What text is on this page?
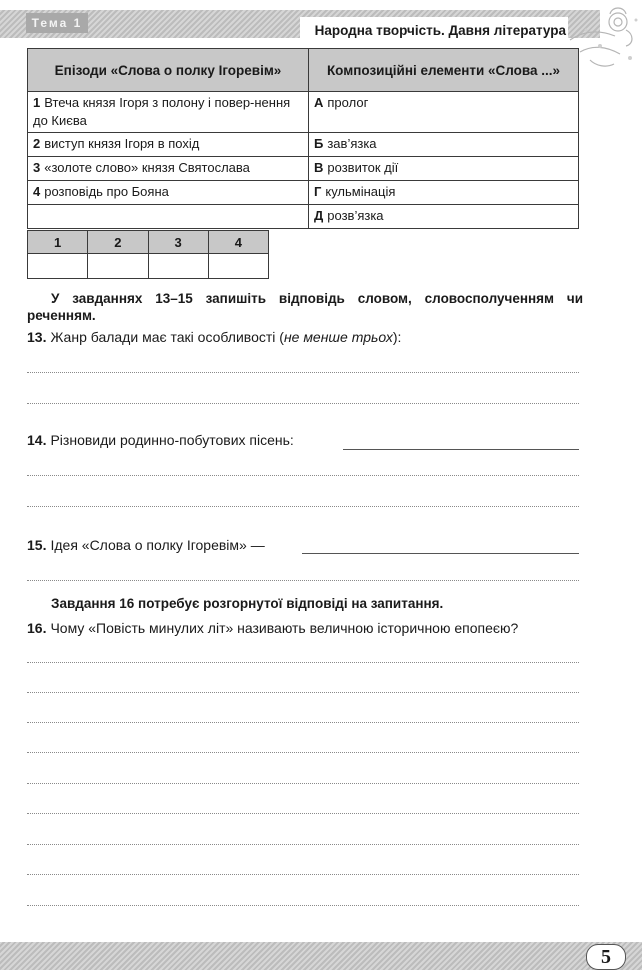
Тема 1	Народна творчість. Давня література
Епізоди «Слова о полку Ігоревім»	Композиційні елементи «Слова ...»
1 Втеча князя Ігоря з полону і повер-нення до Києва	А пролог
2 виступ князя Ігоря в похід	Б зав’язка
3 «золоте слово» князя Святослава	В розвиток дії
4 розповідь про Бояна	Г кульмінація
	Д розв’язка
1	2	3	4

У завданнях 13–15 запишіть відповідь словом, словосполученням чи реченням.
13. Жанр балади має такі особливості (не менше трьох):
14. Різновиди родинно-побутових пісень:
15. Ідея «Слова о полку Ігоревім» —
Завдання 16 потребує розгорнутої відповіді на запитання.
16. Чому «Повість минулих літ» називають величною історичною епопеєю?
5
